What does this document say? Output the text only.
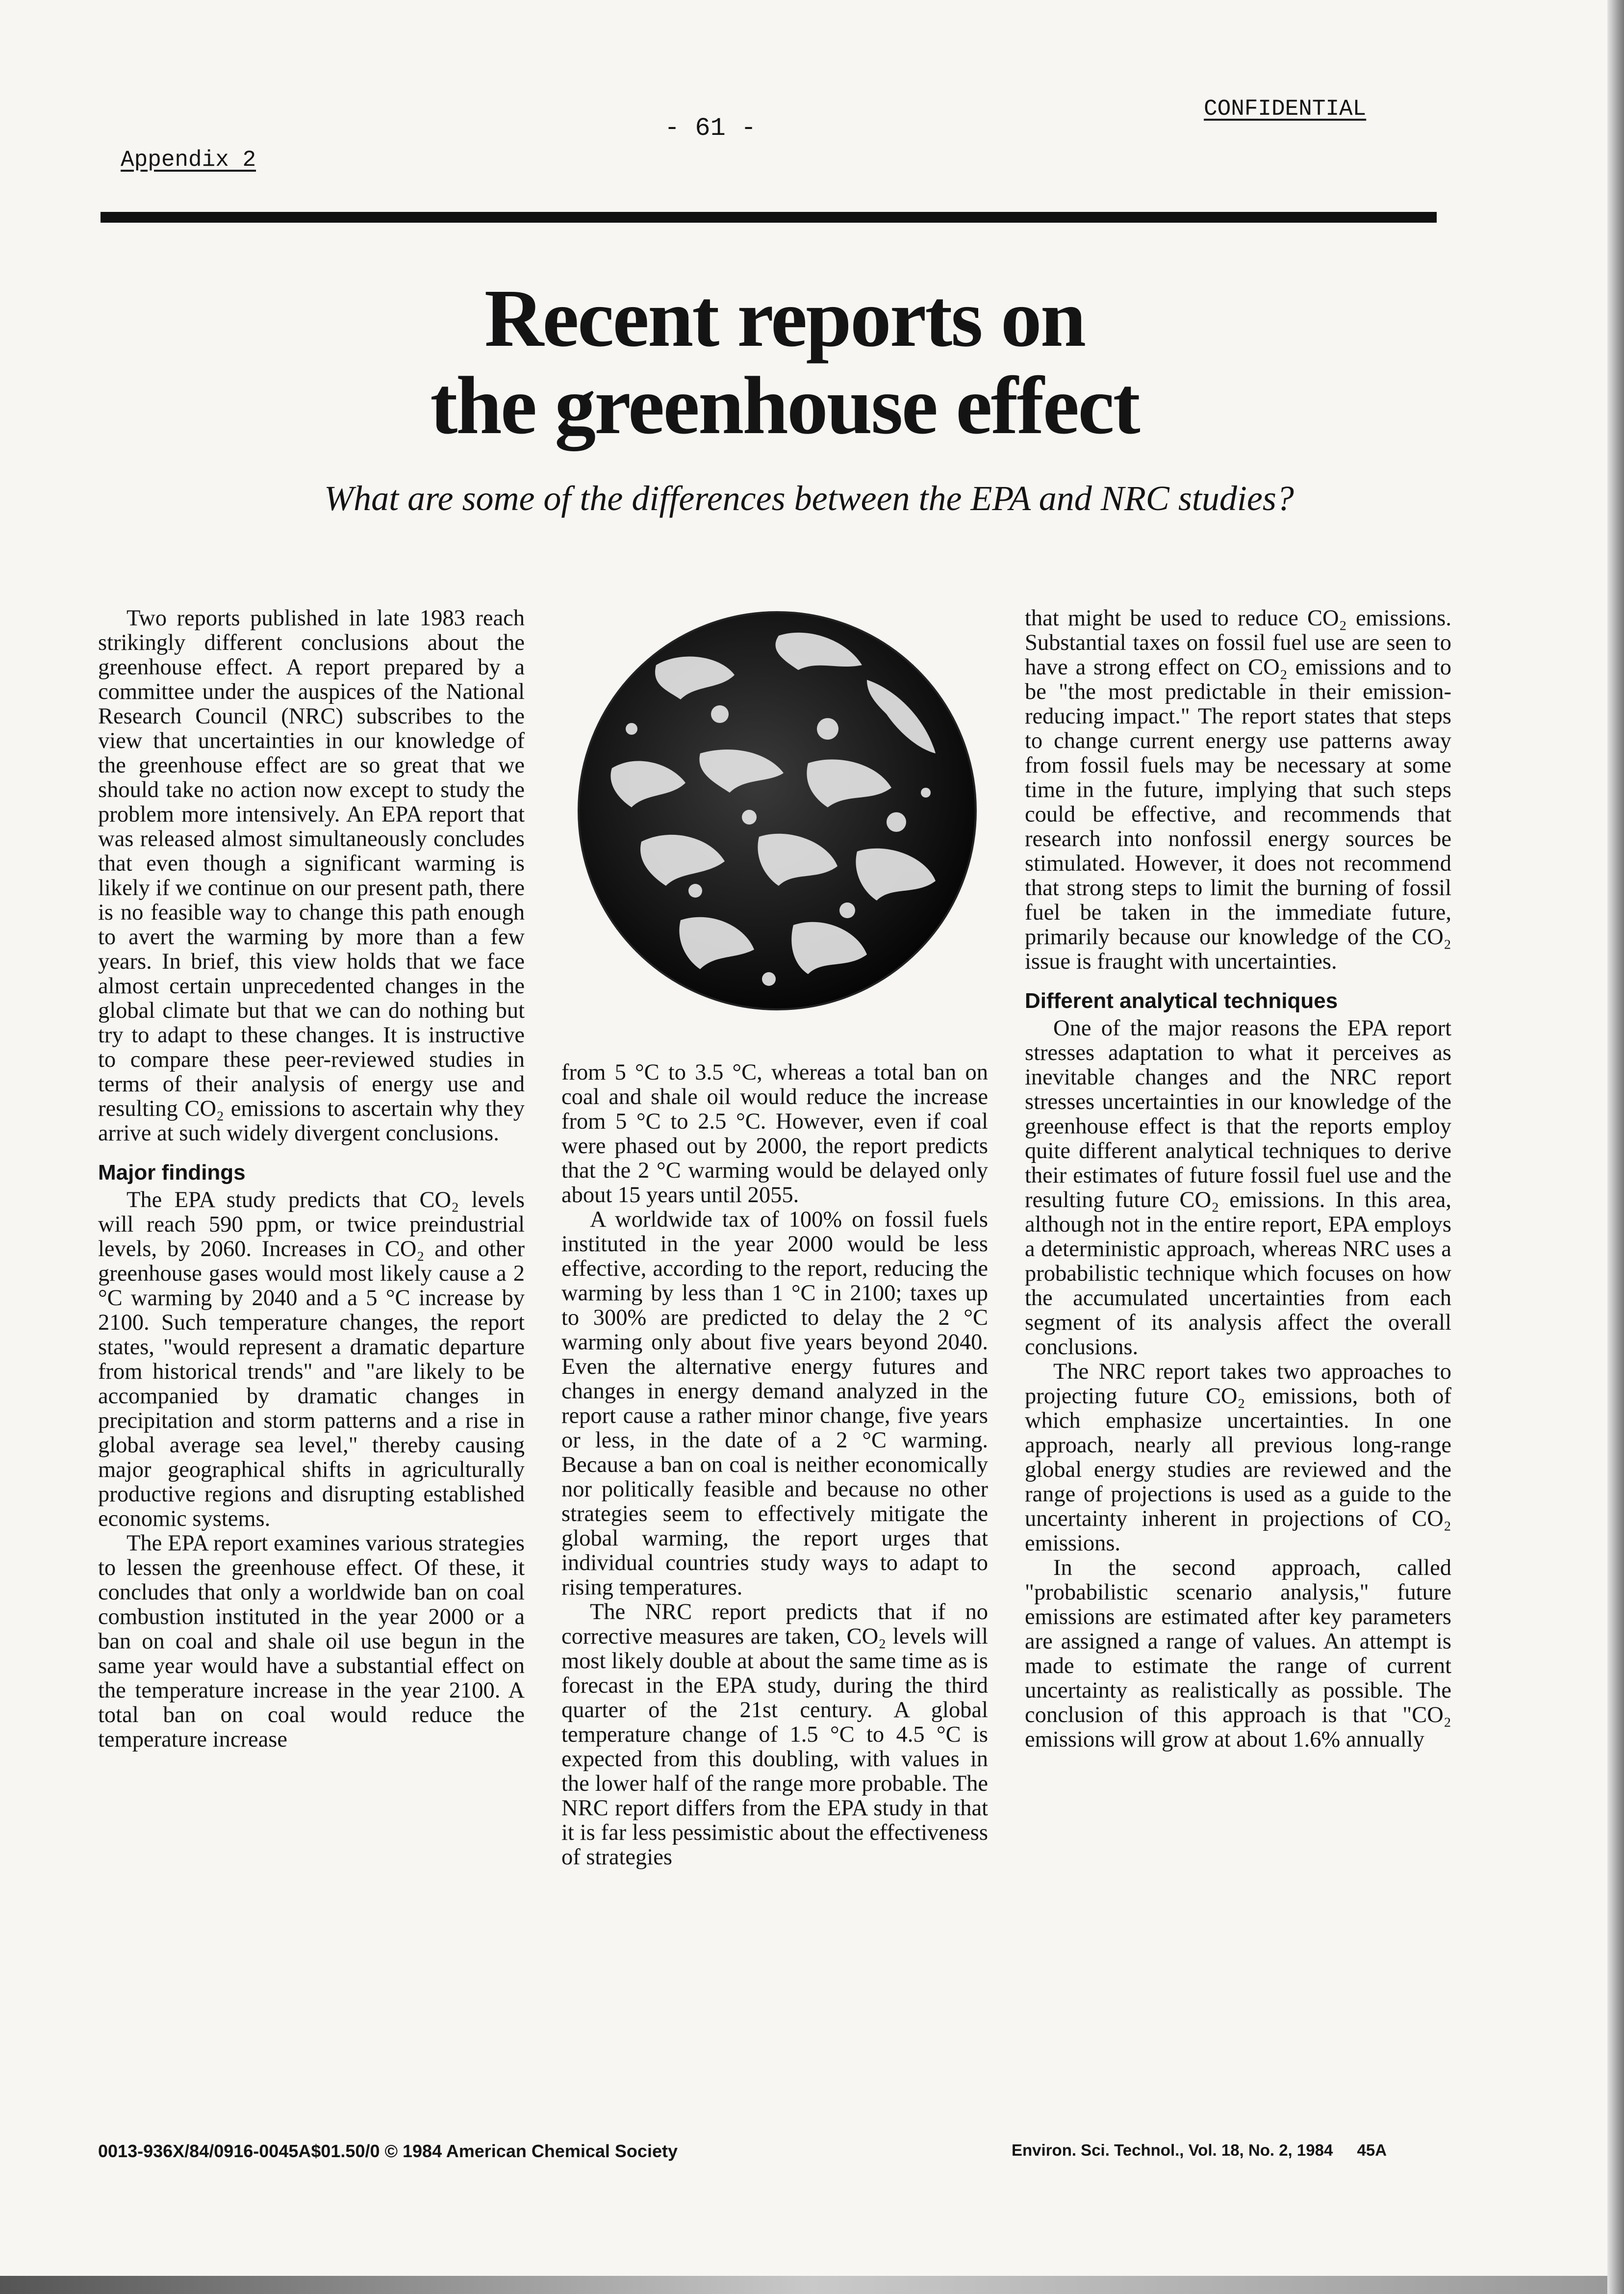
CONFIDENTIAL
- 61 -
Appendix 2
Recent reports on
the greenhouse effect

What are some of the differences between the EPA and NRC studies?

Two reports published in late 1983 reach strikingly different conclusions about the greenhouse effect. A report prepared by a committee under the auspices of the National Research Council (NRC) subscribes to the view that uncertainties in our knowledge of the greenhouse effect are so great that we should take no action now except to study the problem more intensively. An EPA report that was released almost simultaneously concludes that even though a significant warming is likely if we continue on our present path, there is no feasible way to change this path enough to avert the warming by more than a few years. In brief, this view holds that we face almost certain unprecedented changes in the global climate but that we can do nothing but try to adapt to these changes. It is instructive to compare these peer-reviewed studies in terms of their analysis of energy use and resulting CO₂ emissions to ascertain why they arrive at such widely divergent conclusions.

Major findings

The EPA study predicts that CO₂ levels will reach 590 ppm, or twice preindustrial levels, by 2060. Increases in CO₂ and other greenhouse gases would most likely cause a 2 °C warming by 2040 and a 5 °C increase by 2100. Such temperature changes, the report states, "would represent a dramatic departure from historical trends" and "are likely to be accompanied by dramatic changes in precipitation and storm patterns and a rise in global average sea level," thereby causing major geographical shifts in agriculturally productive regions and disrupting established economic systems.

The EPA report examines various strategies to lessen the greenhouse effect. Of these, it concludes that only a worldwide ban on coal combustion instituted in the year 2000 or a ban on coal and shale oil use begun in the same year would have a substantial effect on the temperature increase in the year 2100. A total ban on coal would reduce the temperature increase

from 5 °C to 3.5 °C, whereas a total ban on coal and shale oil would reduce the increase from 5 °C to 2.5 °C. However, even if coal were phased out by 2000, the report predicts that the 2 °C warming would be delayed only about 15 years until 2055.

A worldwide tax of 100% on fossil fuels instituted in the year 2000 would be less effective, according to the report, reducing the warming by less than 1 °C in 2100; taxes up to 300% are predicted to delay the 2 °C warming only about five years beyond 2040. Even the alternative energy futures and changes in energy demand analyzed in the report cause a rather minor change, five years or less, in the date of a 2 °C warming. Because a ban on coal is neither economically nor politically feasible and because no other strategies seem to effectively mitigate the global warming, the report urges that individual countries study ways to adapt to rising temperatures.

The NRC report predicts that if no corrective measures are taken, CO₂ levels will most likely double at about the same time as is forecast in the EPA study, during the third quarter of the 21st century. A global temperature change of 1.5 °C to 4.5 °C is expected from this doubling, with values in the lower half of the range more probable. The NRC report differs from the EPA study in that it is far less pessimistic about the effectiveness of strategies

that might be used to reduce CO₂ emissions. Substantial taxes on fossil fuel use are seen to have a strong effect on CO₂ emissions and to be "the most predictable in their emission-reducing impact." The report states that steps to change current energy use patterns away from fossil fuels may be necessary at some time in the future, implying that such steps could be effective, and recommends that research into nonfossil energy sources be stimulated. However, it does not recommend that strong steps to limit the burning of fossil fuel be taken in the immediate future, primarily because our knowledge of the CO₂ issue is fraught with uncertainties.

Different analytical techniques

One of the major reasons the EPA report stresses adaptation to what it perceives as inevitable changes and the NRC report stresses uncertainties in our knowledge of the greenhouse effect is that the reports employ quite different analytical techniques to derive their estimates of future fossil fuel use and the resulting future CO₂ emissions. In this area, although not in the entire report, EPA employs a deterministic approach, whereas NRC uses a probabilistic technique which focuses on how the accumulated uncertainties from each segment of its analysis affect the overall conclusions.

The NRC report takes two approaches to projecting future CO₂ emissions, both of which emphasize uncertainties. In one approach, nearly all previous long-range global energy studies are reviewed and the range of projections is used as a guide to the uncertainty inherent in projections of CO₂ emissions.

In the second approach, called "probabilistic scenario analysis," future emissions are estimated after key parameters are assigned a range of values. An attempt is made to estimate the range of current uncertainty as realistically as possible. The conclusion of this approach is that "CO₂ emissions will grow at about 1.6% annually

0013-936X/84/0916-0045A$01.50/0 © 1984 American Chemical Society	Environ. Sci. Technol., Vol. 18, No. 2, 1984 45A
